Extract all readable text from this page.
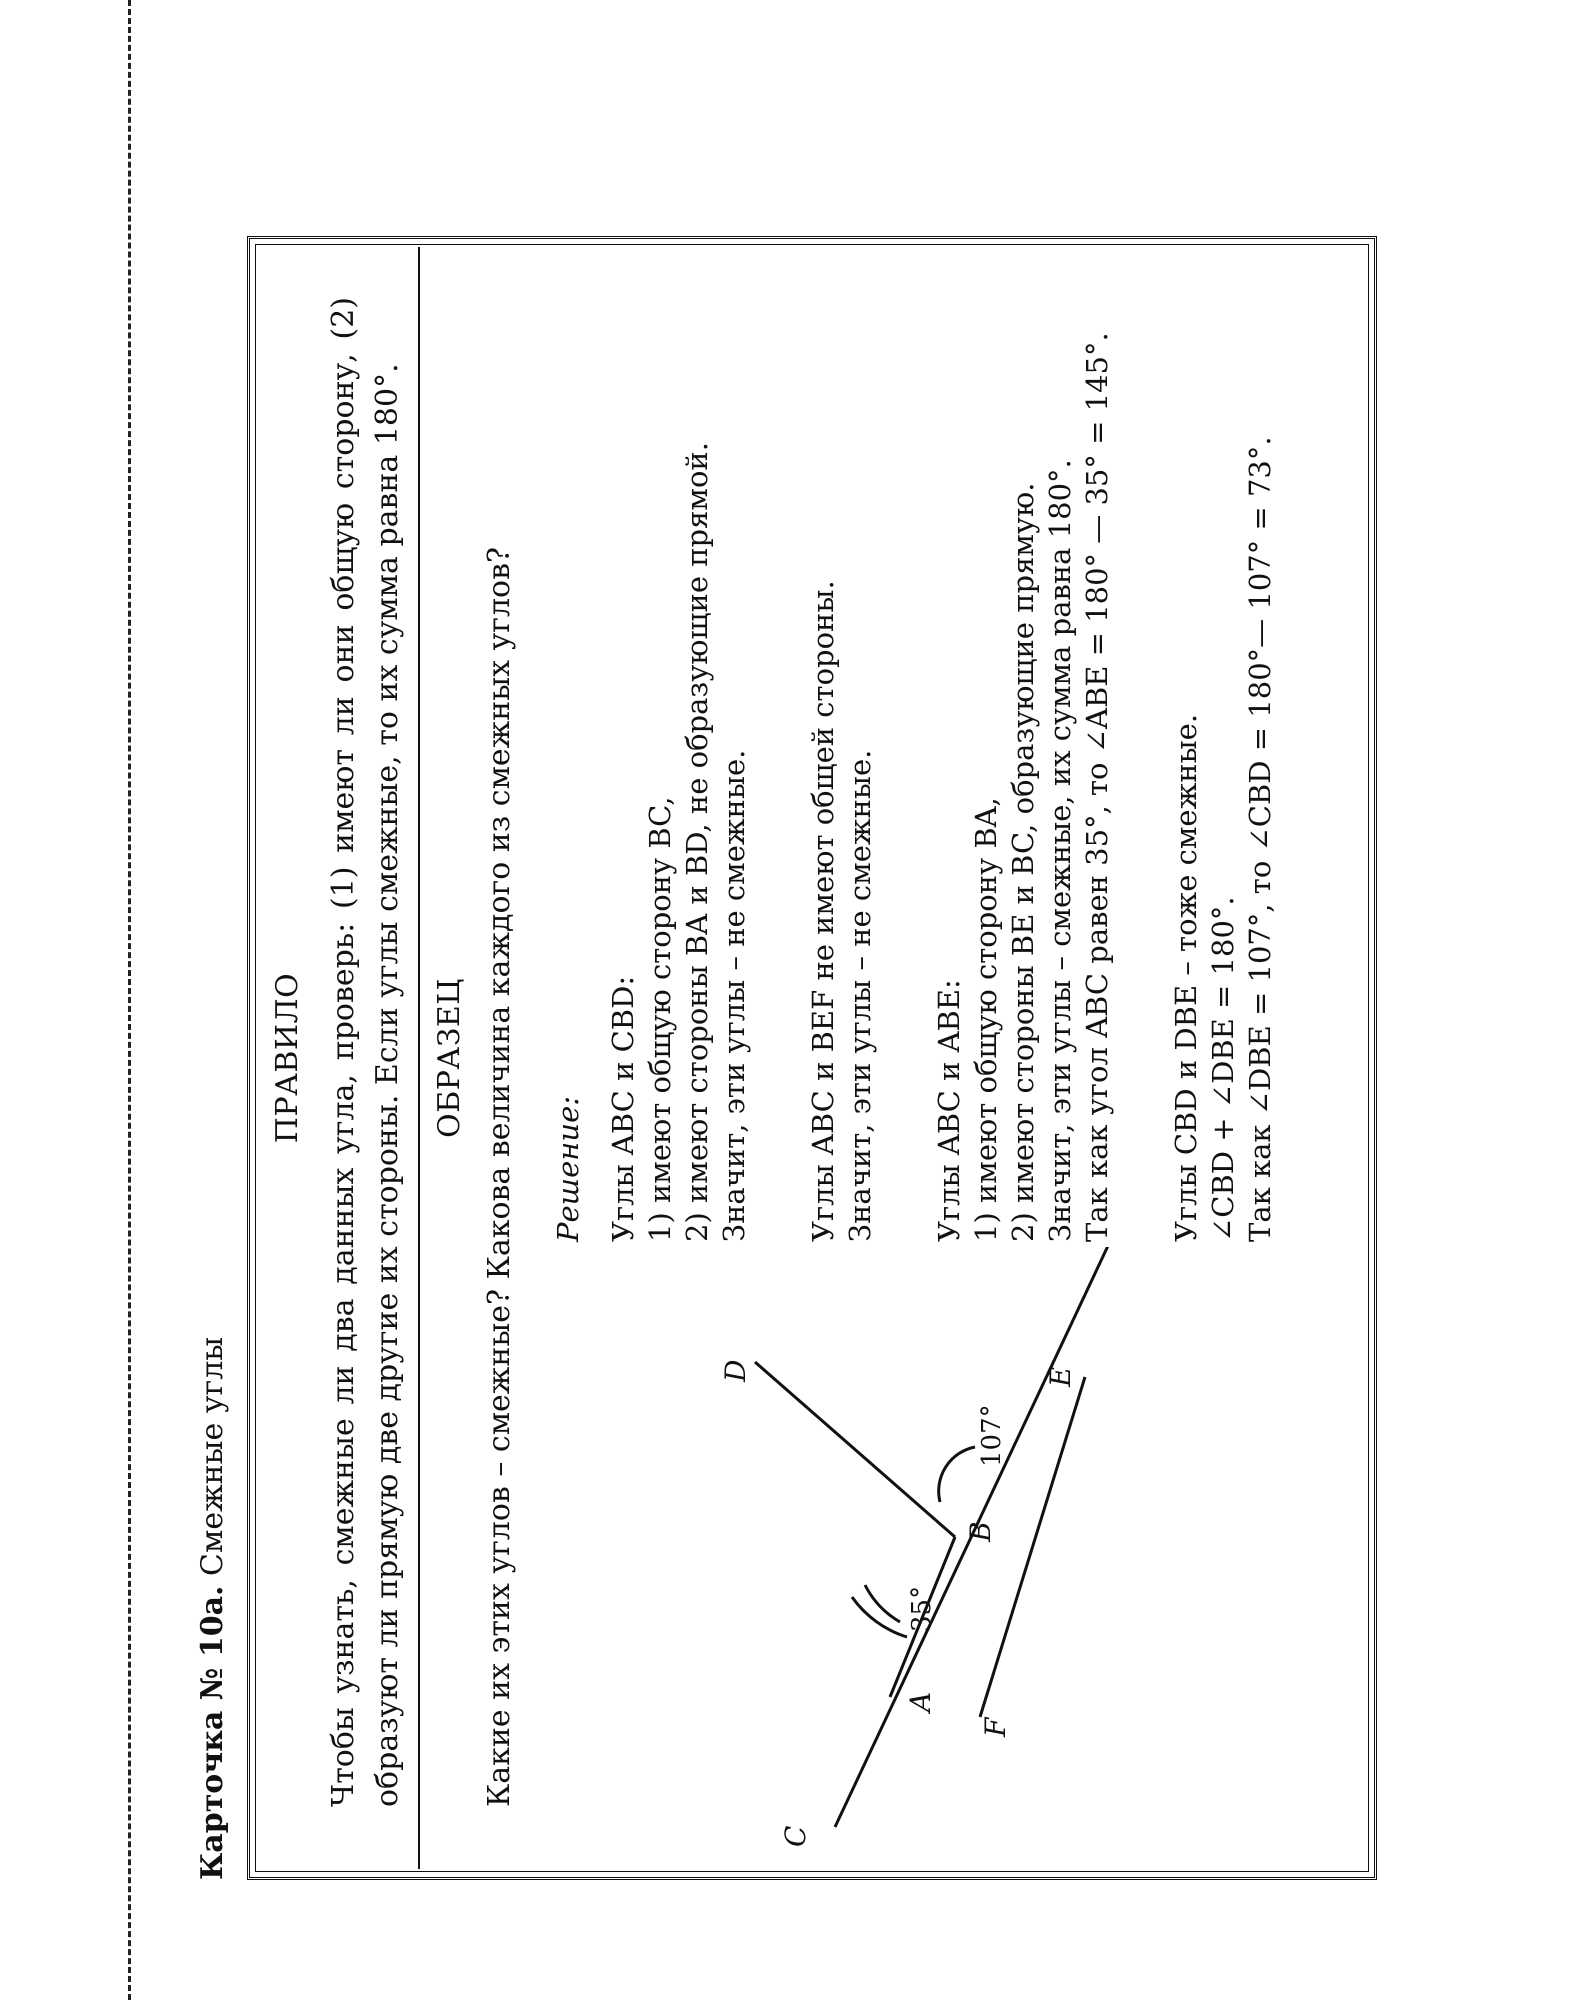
Карточка № 10а. Смежные углы
ПРАВИЛО Чтобы узнать, смежные ли два данных угла, проверь: (1) имеют ли они общую сторону, (2) образуют ли прямую две другие их стороны. Если углы смежные, то их сумма равна 180°. ОБРАЗЕЦ Какие их этих углов – смежные? Какова величина каждого из смежных углов?
C
A
D
B
E
F
35°
107°
Решение: Углы ABC и CBD: 1) имеют общую сторону BC, 2) имеют стороны BA и BD, не образующие прямой. Значит, эти углы – не смежные. Углы ABC и BEF не имеют общей стороны. Значит, эти углы – не смежные. Углы ABC и ABE: 1) имеют общую сторону BA, 2) имеют стороны BE и BC, образующие прямую. Значит, эти углы – смежные, их сумма равна 180°. Так как угол ABC равен 35°, то ∠ABE = 180° — 35° = 145°. Углы CBD и DBE – тоже смежные. ∠CBD + ∠DBE = 180°. Так как ∠DBE = 107°, то ∠CBD = 180°— 107° = 73°.
